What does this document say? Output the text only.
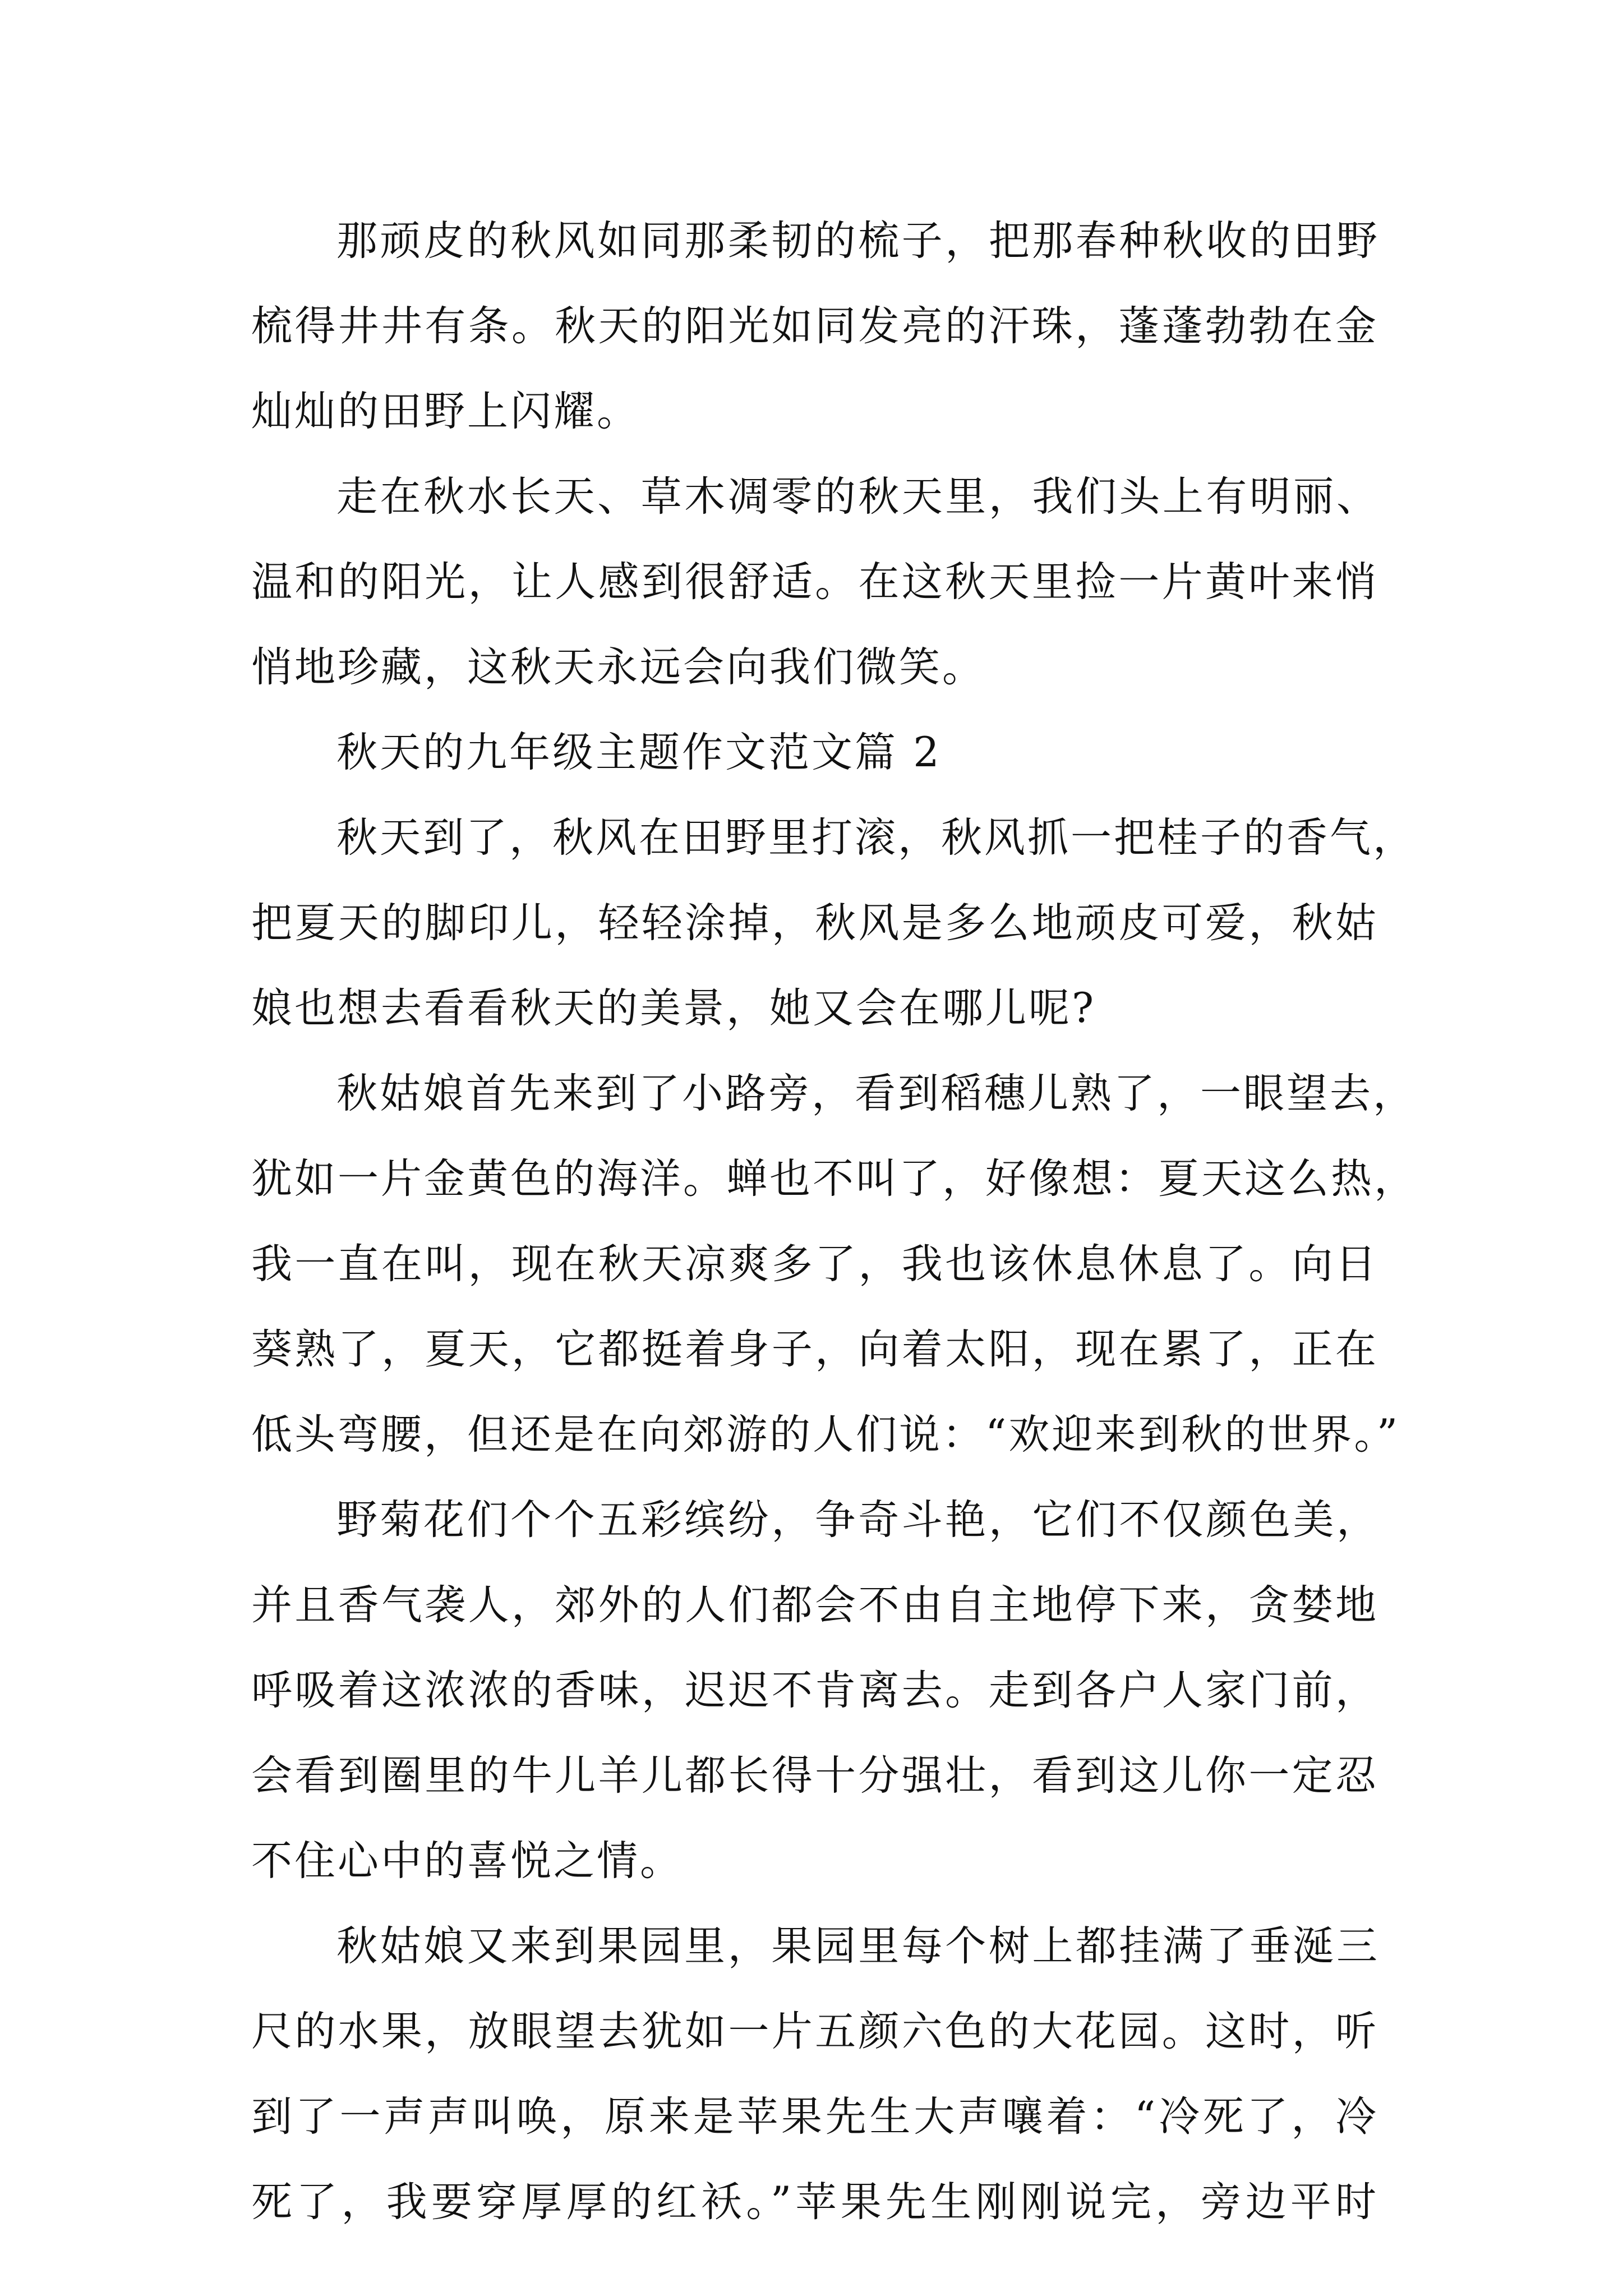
那顽皮的秋风如同那柔韧的梳子，把那春种秋收的田野
梳得井井有条。秋天的阳光如同发亮的汗珠，蓬蓬勃勃在金
灿灿的田野上闪耀。
走在秋水长天、草木凋零的秋天里，我们头上有明丽、
温和的阳光，让人感到很舒适。在这秋天里捡一片黄叶来悄
悄地珍藏，这秋天永远会向我们微笑。
秋天的九年级主题作文范文篇 2
秋天到了，秋风在田野里打滚，秋风抓一把桂子的香气，
把夏天的脚印儿，轻轻涂掉，秋风是多么地顽皮可爱，秋姑
娘也想去看看秋天的美景，她又会在哪儿呢?
秋姑娘首先来到了小路旁，看到稻穗儿熟了，一眼望去，
犹如一片金黄色的海洋。蝉也不叫了，好像想：夏天这么热，
我一直在叫，现在秋天凉爽多了，我也该休息休息了。向日
葵熟了，夏天，它都挺着身子，向着太阳，现在累了，正在
低头弯腰，但还是在向郊游的人们说：“欢迎来到秋的世界。”
野菊花们个个五彩缤纷，争奇斗艳，它们不仅颜色美，
并且香气袭人，郊外的人们都会不由自主地停下来，贪婪地
呼吸着这浓浓的香味，迟迟不肯离去。走到各户人家门前，
会看到圈里的牛儿羊儿都长得十分强壮，看到这儿你一定忍
不住心中的喜悦之情。
秋姑娘又来到果园里，果园里每个树上都挂满了垂涎三
尺的水果，放眼望去犹如一片五颜六色的大花园。这时，听
到了一声声叫唤，原来是苹果先生大声嚷着：“冷死了，冷
死了，我要穿厚厚的红袄。”苹果先生刚刚说完，旁边平时
